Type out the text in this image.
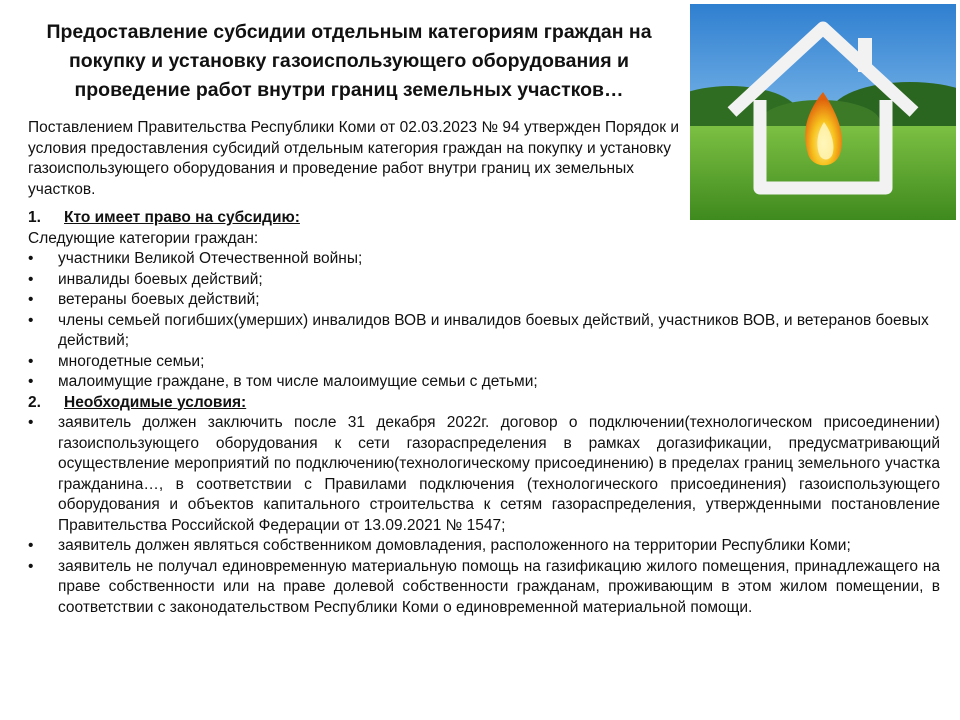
Предоставление субсидии отдельным категориям граждан на покупку и установку газоиспользующего оборудования и проведение работ внутри границ земельных участков…
Поставлением Правительства Республики Коми от 02.03.2023 № 94 утвержден Порядок и условия предоставления субсидий отдельным категория граждан на покупку и установку газоиспользующего оборудования и проведение работ внутри границ их земельных участков.
1.	Кто имеет право на субсидию:
Следующие категории граждан:
• участники Великой Отечественной войны;
• инвалиды боевых действий;
• ветераны боевых действий;
• члены семьей погибших(умерших) инвалидов ВОВ и инвалидов боевых действий, участников ВОВ, и ветеранов боевых действий;
• многодетные семьи;
• малоимущие граждане, в том числе малоимущие семьи с детьми;
2.	Необходимые условия:
• заявитель должен заключить после 31 декабря 2022г. договор о подключении(технологическом присоединении) газоиспользующего оборудования к сети газораспределения в рамках догазификации, предусматривающий осуществление мероприятий по подключению(технологическому присоединению) в пределах границ земельного участка гражданина…, в соответствии с Правилами подключения (технологического присоединения) газоиспользующего оборудования и объектов капитального строительства к сетям газораспределения, утвержденными постановление Правительства Российской Федерации от 13.09.2021 № 1547;
• заявитель должен являться собственником домовладения, расположенного на территории Республики Коми;
• заявитель не получал единовременную материальную помощь на газификацию жилого помещения, принадлежащего на праве собственности или на праве долевой собственности гражданам, проживающим в этом жилом помещении, в соответствии с законодательством Республики Коми о единовременной материальной помощи.
